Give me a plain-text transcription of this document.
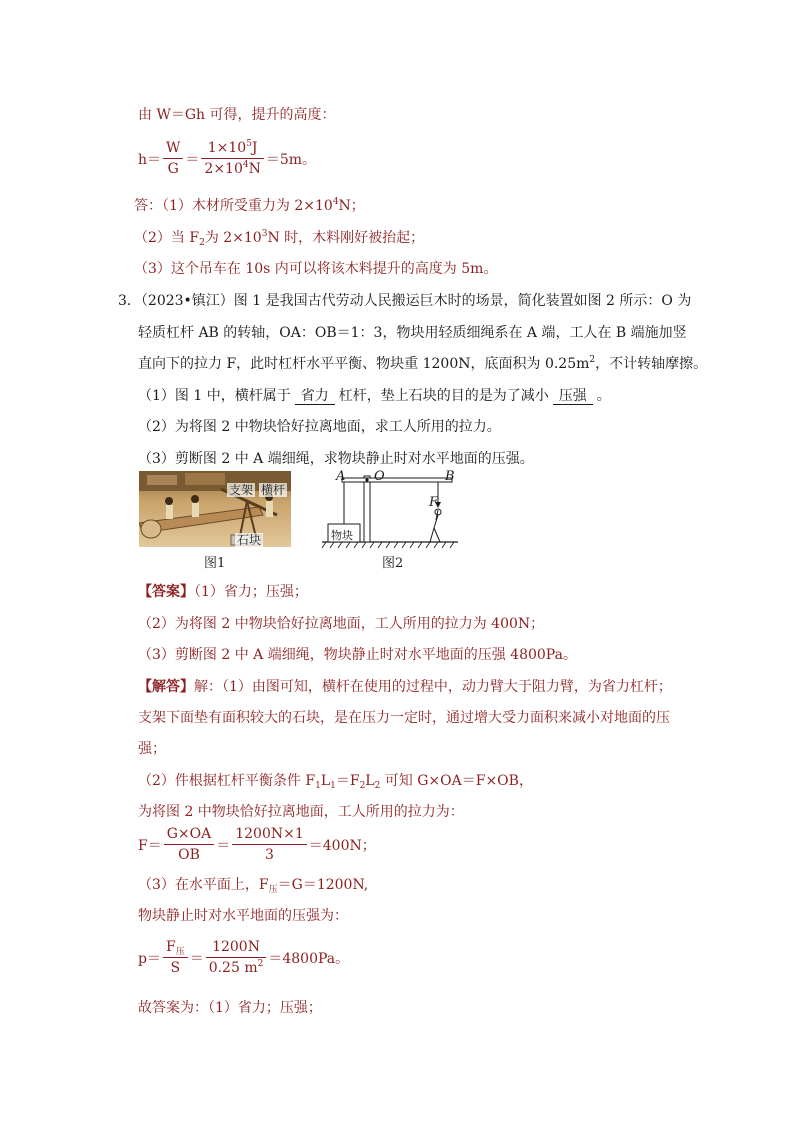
由 W＝Gh 可得，提升的高度：
$h= \frac{W}{G} = \frac{1\times 10^5J}{2\times 10^4N} =5m$。
答：（1）木材所受重力为 $2\times 10^4N$；
（2）当 $F_2$为 $2\times 10^3N$ 时，木料刚好被抬起；
（3）这个吊车在 10s 内可以将该木料提升的高度为 5m。
3．（2023•镇江）图 1 是我国古代劳动人民搬运巨木时的场景，简化装置如图 2 所示：O 为
轻质杠杆 AB 的转轴，OA：OB＝1：3，物块用轻质细绳系在 A 端，工人在 B 端施加竖
直向下的拉力 F，此时杠杆水平平衡、物块重 1200N，底面积为 $0.25m^2$，不计转轴摩擦。
（1）图 1 中，横杆属于 省力 杠杆，垫上石块的目的是为了减小 压强 。
（2）为将图 2 中物块恰好拉离地面，求工人所用的拉力。
（3）剪断图 2 中 A 端细绳，求物块静止时对水平地面的压强。
支架 横杆
石块
图1
A O	B
F
物块
图2
【答案】（1）省力；压强；
（2）为将图 2 中物块恰好拉离地面，工人所用的拉力为 400N；
（3）剪断图 2 中 A 端细绳，物块静止时对水平地面的压强 4800Pa。
【解答】解：（1）由图可知，横杆在使用的过程中，动力臂大于阻力臂，为省力杠杆；
支架下面垫有面积较大的石块，是在压力一定时，通过增大受力面积来减小对地面的压
强；
（2）件根据杠杆平衡条件 $F_1L_1=F_2L_2$ 可知 G×OA＝F×OB，
为将图 2 中物块恰好拉离地面，工人所用的拉力为：
$F= \frac{G\times OA}{OB} = \frac{1200N\times 1}{3} =400N$；
（3）在水平面上，$F_压=G=1200N$,
物块静止时对水平地面的压强为：
$p= \frac{F_压}{S} = \frac{1200N}{0.25 m^2} =4800Pa$。
故答案为：（1）省力；压强；
